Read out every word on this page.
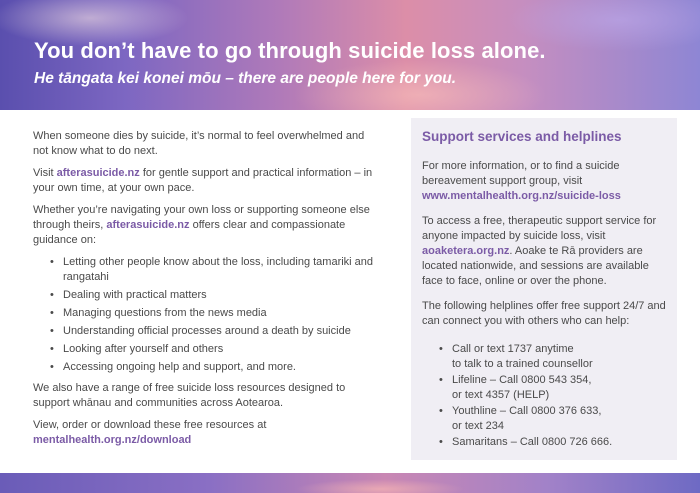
You don’t have to go through suicide loss alone.
He tāngata kei konei mōu – there are people here for you.

When someone dies by suicide, it’s normal to feel overwhelmed and not know what to do next.

Visit afterasuicide.nz for gentle support and practical information – in your own time, at your own pace.

Whether you’re navigating your own loss or supporting someone else through theirs, afterasuicide.nz offers clear and compassionate guidance on:

• Letting other people know about the loss, including tamariki and rangatahi
• Dealing with practical matters
• Managing questions from the news media
• Understanding official processes around a death by suicide
• Looking after yourself and others
• Accessing ongoing help and support, and more.

We also have a range of free suicide loss resources designed to support whānau and communities across Aotearoa.

View, order or download these free resources at
mentalhealth.org.nz/download

Support services and helplines

For more information, or to find a suicide bereavement support group, visit
www.mentalhealth.org.nz/suicide-loss

To access a free, therapeutic support service for anyone impacted by suicide loss, visit aoaketera.org.nz. Aoake te Rā providers are located nationwide, and sessions are available face to face, online or over the phone.

The following helplines offer free support 24/7 and can connect you with others who can help:

• Call or text 1737 anytime
to talk to a trained counsellor
• Lifeline – Call 0800 543 354,
or text 4357 (HELP)
• Youthline – Call 0800 376 633,
or text 234
• Samaritans – Call 0800 726 666.
